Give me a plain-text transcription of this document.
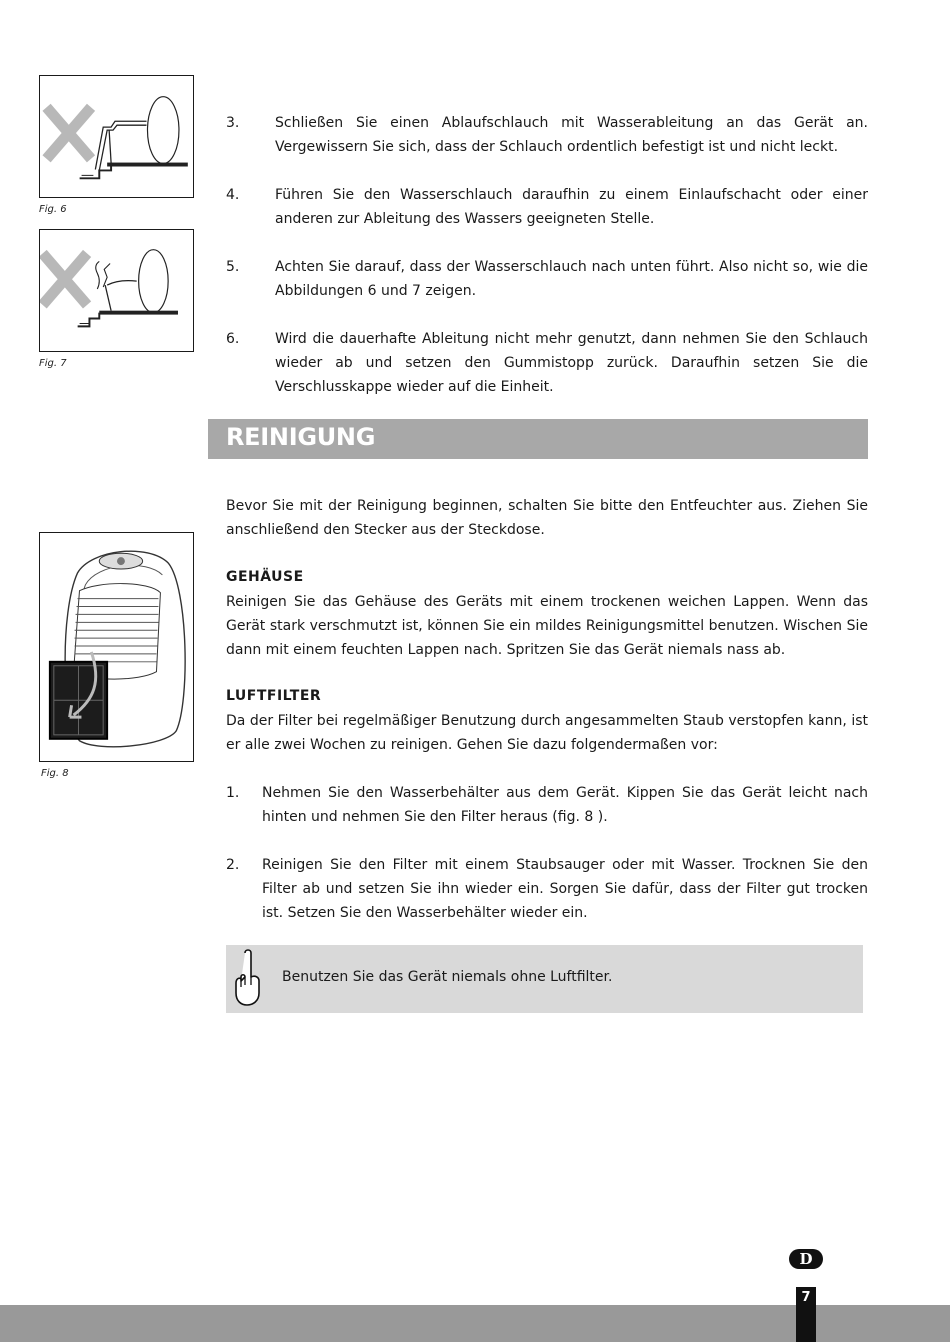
Fig. 6
Fig. 7
3.	Schließen Sie einen Ablaufschlauch mit Wasserableitung an das Gerät an. Vergewissern Sie sich, dass der Schlauch ordentlich befestigt ist und nicht leckt.
4.	Führen Sie den Wasserschlauch daraufhin zu einem Einlaufschacht oder einer anderen zur Ableitung des Wassers geeigneten Stelle.
5.	Achten Sie darauf, dass der Wasserschlauch nach unten führt. Also nicht so, wie die Abbildungen 6 und 7 zeigen.
6.	Wird die dauerhafte Ableitung nicht mehr genutzt, dann nehmen Sie den Schlauch wieder ab und setzen den Gummistopp zurück. Daraufhin setzen Sie die Verschlusskappe wieder auf die Einheit.
REINIGUNG
Bevor Sie mit der Reinigung beginnen, schalten Sie bitte den Entfeuchter aus. Ziehen Sie anschließend den Stecker aus der Steckdose.
Fig. 8
GEHÄUSE
Reinigen Sie das Gehäuse des Geräts mit einem trockenen weichen Lappen. Wenn das Gerät stark verschmutzt ist, können Sie ein mildes Reinigungsmittel benutzen. Wischen Sie dann mit einem feuchten Lappen nach. Spritzen Sie das Gerät niemals nass ab.
LUFTFILTER
Da der Filter bei regelmäßiger Benutzung durch angesammelten Staub verstopfen kann, ist er alle zwei Wochen zu reinigen. Gehen Sie dazu folgendermaßen vor:
1. Nehmen Sie den Wasserbehälter aus dem Gerät. Kippen Sie das Gerät leicht nach hinten und nehmen Sie den Filter heraus (fig. 8 ).
2. Reinigen Sie den Filter mit einem Staubsauger oder mit Wasser. Trocknen Sie den Filter ab und setzen Sie ihn wieder ein. Sorgen Sie dafür, dass der Filter gut trocken ist. Setzen Sie den Wasserbehälter wieder ein.
Benutzen Sie das Gerät niemals ohne Luftfilter.
D
7
